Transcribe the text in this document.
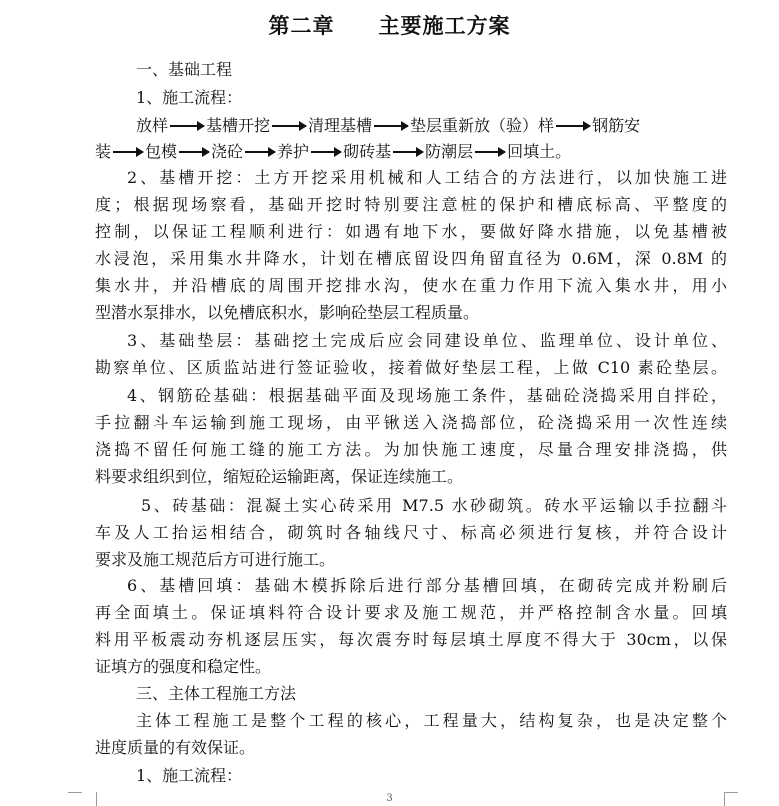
第二章　　主要施工方案
一、基础工程
1、施工流程：
放样 基槽开挖 清理基槽 垫层重新放（验）样 钢筋安
装 包模 浇砼 养护 砌砖基 防潮层 回填土。
2、基槽开挖：土方开挖采用机械和人工结合的方法进行，以加快施工进
度；根据现场察看，基础开挖时特别要注意桩的保护和槽底标高、平整度的
控制，以保证工程顺利进行：如遇有地下水，要做好降水措施，以免基槽被
水浸泡，采用集水井降水，计划在槽底留设四角留直径为 0.6M，深 0.8M 的
集水井，并沿槽底的周围开挖排水沟，使水在重力作用下流入集水井，用小
型潜水泵排水，以免槽底积水，影响砼垫层工程质量。
3、基础垫层：基础挖土完成后应会同建设单位、监理单位、设计单位、
勘察单位、区质监站进行签证验收，接着做好垫层工程，上做 C10 素砼垫层。
4、钢筋砼基础：根据基础平面及现场施工条件，基础砼浇捣采用自拌砼，
手拉翻斗车运输到施工现场，由平锹送入浇捣部位，砼浇捣采用一次性连续
浇捣不留任何施工缝的施工方法。为加快施工速度，尽量合理安排浇捣，供
料要求组织到位，缩短砼运输距离，保证连续施工。
5、砖基础：混凝土实心砖采用 M7.5 水砂砌筑。砖水平运输以手拉翻斗
车及人工抬运相结合，砌筑时各轴线尺寸、标高必须进行复核，并符合设计
要求及施工规范后方可进行施工。
6、基槽回填：基础木模拆除后进行部分基槽回填，在砌砖完成并粉刷后
再全面填土。保证填料符合设计要求及施工规范，并严格控制含水量。回填
料用平板震动夯机逐层压实，每次震夯时每层填土厚度不得大于 30cm，以保
证填方的强度和稳定性。
三、主体工程施工方法
主体工程施工是整个工程的核心，工程量大，结构复杂，也是决定整个
进度质量的有效保证。
1、施工流程：
3
